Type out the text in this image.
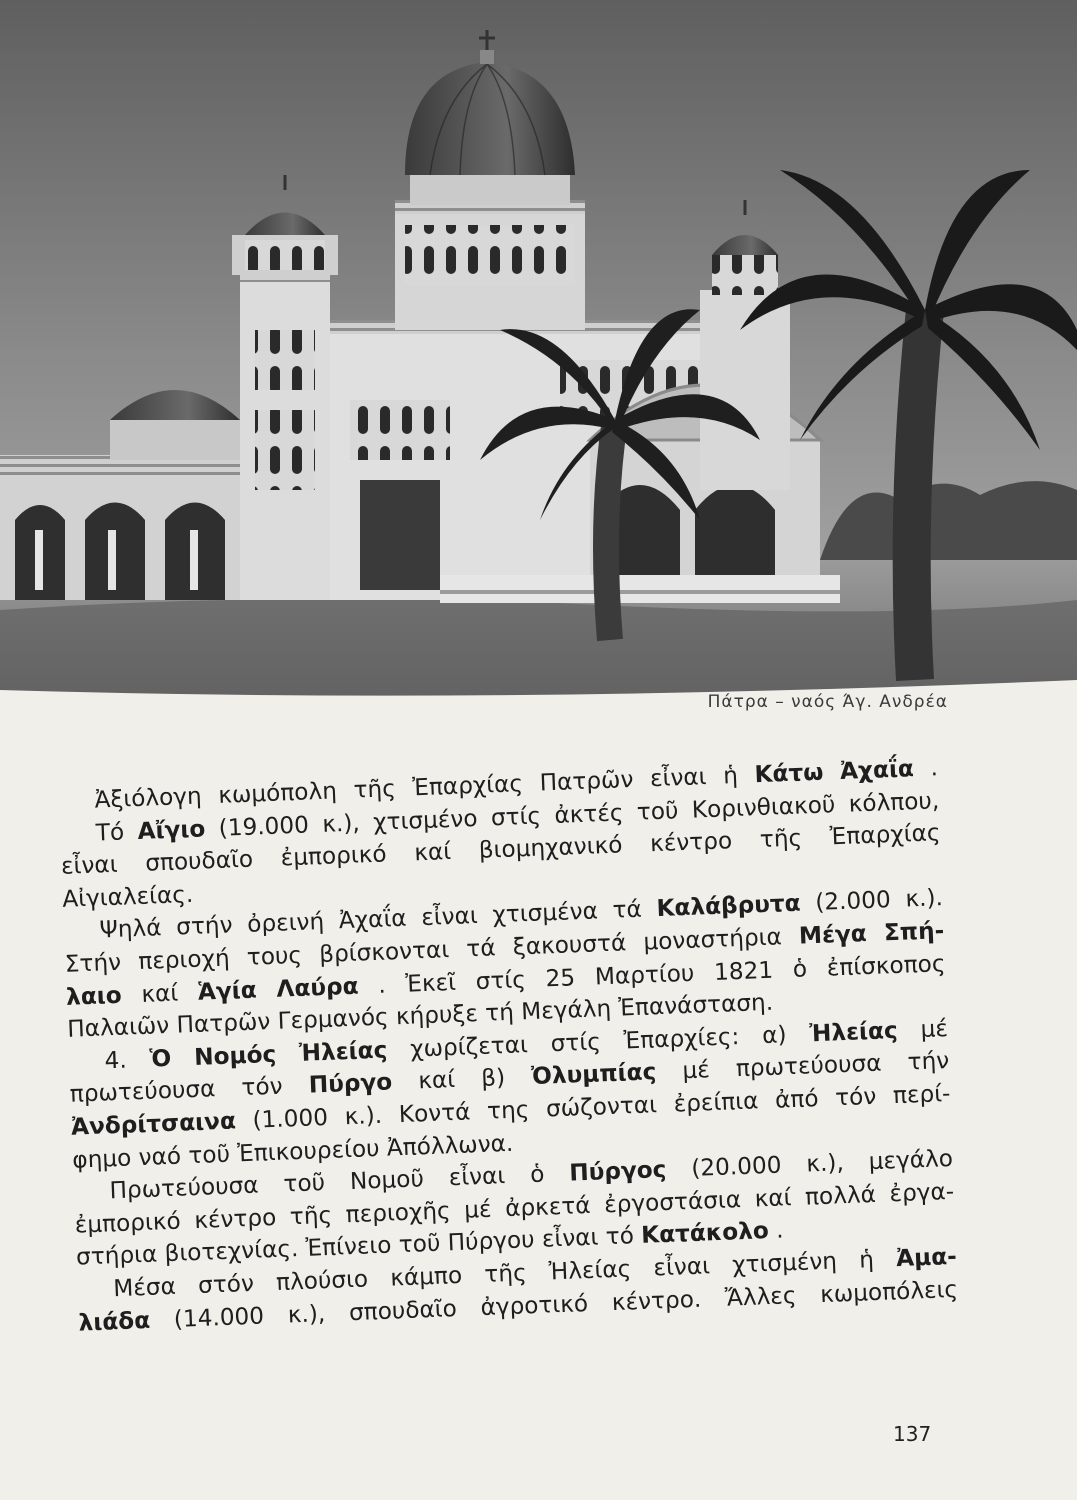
Πάτρα – ναός Άγ. Ανδρέα
Ἀξιόλογη κωμόπολη τῆς Ἐπαρχίας Πατρῶν εἶναι ἡ Κάτω Ἀχαΐα .
Τό Αἴγιο (19.000 κ.), χτισμένο στίς ἀκτές τοῦ Κορινθιακοῦ κόλπου,
εἶναι σπουδαῖο ἐμπορικό καί βιομηχανικό κέντρο τῆς Ἐπαρχίας
Αἰγιαλείας.

Ψηλά στήν ὀρεινή Ἀχαΐα εἶναι χτισμένα τά Καλάβρυτα (2.000 κ.).
Στήν περιοχή τους βρίσκονται τά ξακουστά μοναστήρια Μέγα Σπή-
λαιο καί Ἁγία Λαύρα . Ἐκεῖ στίς 25 Μαρτίου 1821 ὁ ἐπίσκοπος
Παλαιῶν
Πατρῶν
Γερμανός
κήρυξε
τή
Μεγάλη
Ἐπανάσταση.

4. Ὁ Νομός Ἠλείας χωρίζεται στίς Ἐπαρχίες: α) Ἠλείας μέ
πρωτεύουσα τόν Πύργο καί β) Ὀλυμπίας μέ πρωτεύουσα τήν
Ἀνδρίτσαινα (1.000 κ.). Κοντά της σώζονται ἐρείπια ἀπό τόν περί-
φημο
ναό
τοῦ
Ἐπικουρείου
Ἀπόλλωνα.

Πρωτεύουσα τοῦ Νομοῦ εἶναι ὁ Πύργος (20.000 κ.), μεγάλο
ἐμπορικό κέντρο τῆς περιοχῆς μέ ἀρκετά ἐργοστάσια καί πολλά ἐργα-
στήρια
βιοτεχνίας.
Ἐπίνειο
τοῦ
Πύργου
εἶναι
τό
Κατάκολο
.

Μέσα στόν πλούσιο κάμπο τῆς Ἠλείας εἶναι χτισμένη ἡ Ἀμα-
λιάδα (14.000 κ.), σπουδαῖο ἀγροτικό κέντρο. Ἄλλες κωμοπόλεις
137
